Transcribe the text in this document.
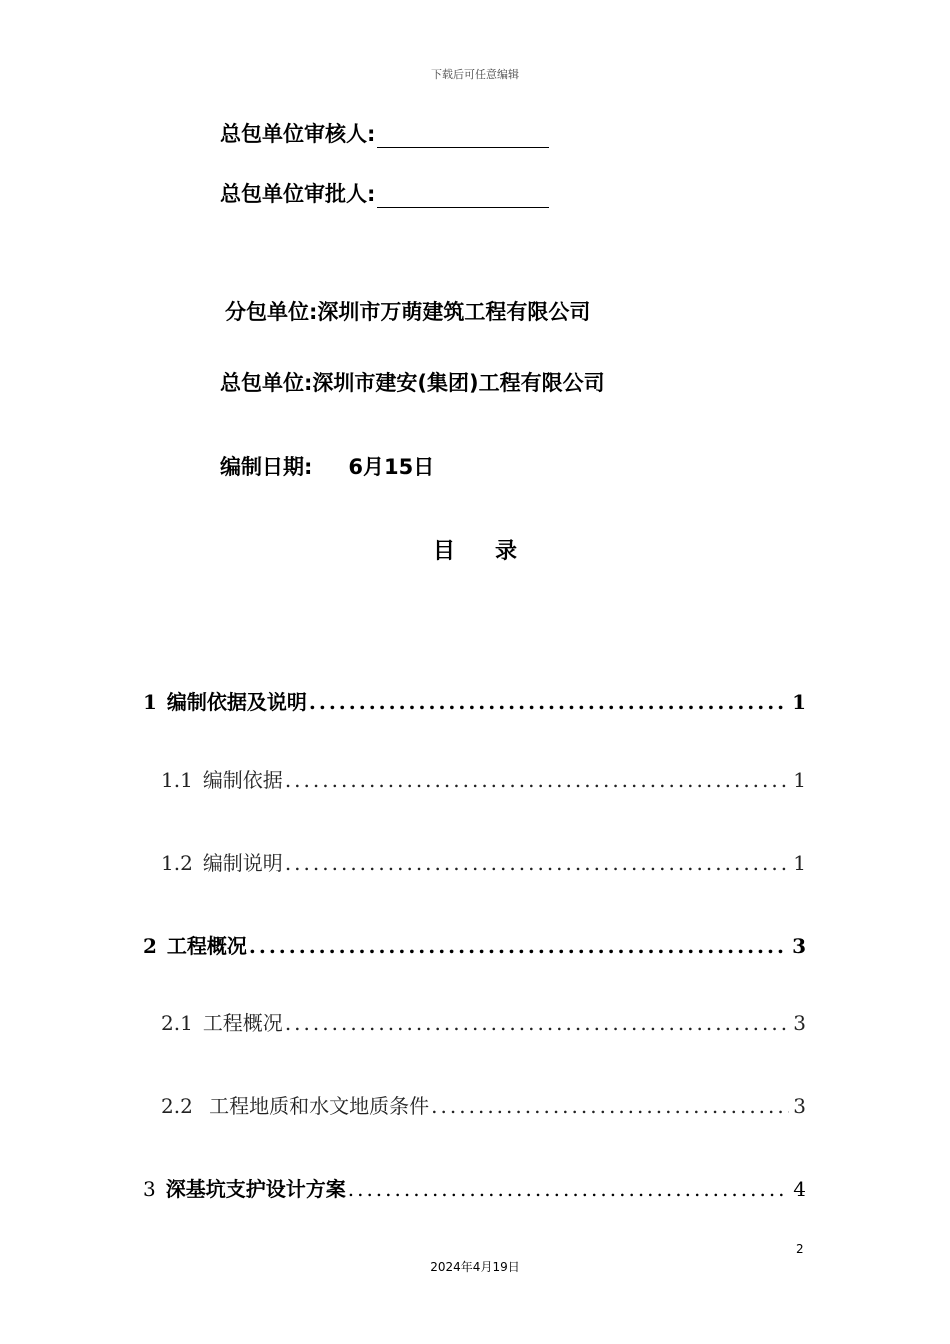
下载后可任意编辑
总包单位审核人:
总包单位审批人:
分包单位:深圳市万萌建筑工程有限公司
总包单位:深圳市建安(集团)工程有限公司
编制日期: 6月15日
目录
1 编制依据及说明 .....	1
1.1 编制依据 .....	1
1.2 编制说明 .....	1
2 工程概况 .....	3
2.1 工程概况 .....	3
2.2 工程地质和水文地质条件 .....	3
3 深基坑支护设计方案 .....	4
2
2024年4月19日
